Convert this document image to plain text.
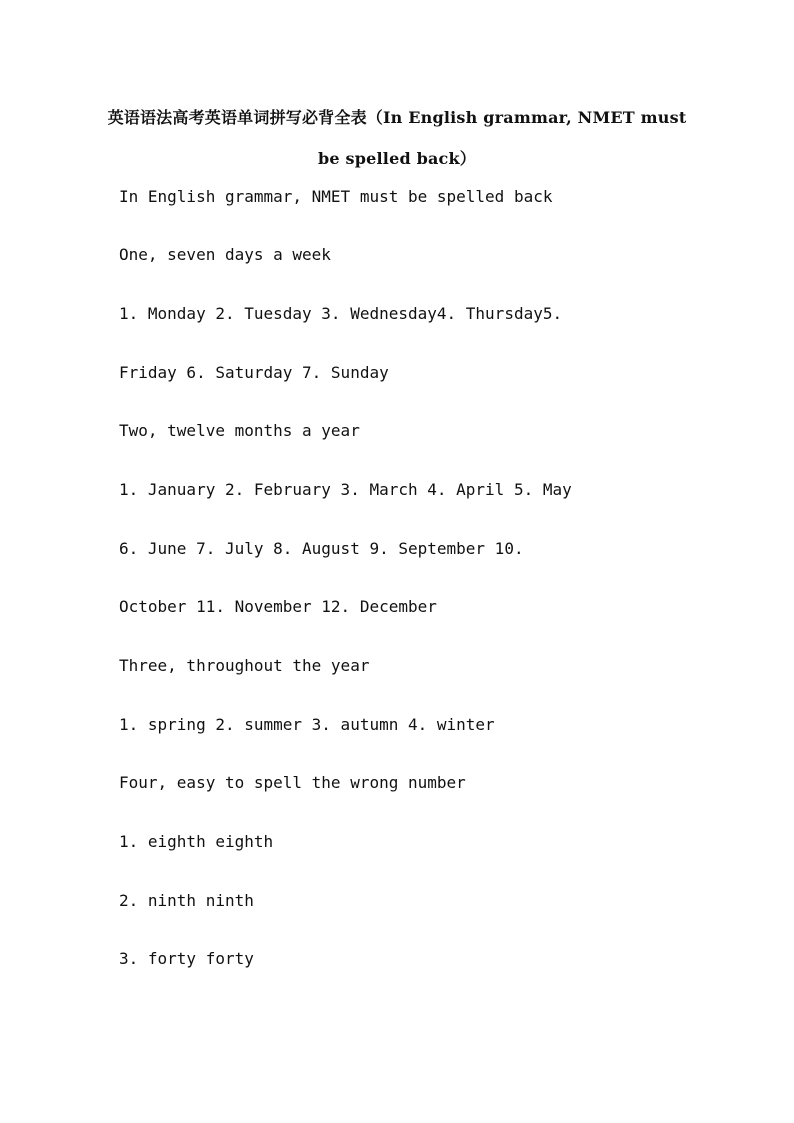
英语语法高考英语单词拼写必背全表（In English grammar, NMET must be spelled back）
In English grammar, NMET must be spelled back
One, seven days a week
1. Monday 2. Tuesday 3. Wednesday4. Thursday5.
Friday 6. Saturday 7. Sunday
Two, twelve months a year
1. January 2. February 3. March 4. April 5. May
6. June 7. July 8. August 9. September 10.
October 11. November 12. December
Three, throughout the year
1. spring 2. summer 3. autumn 4. winter
Four, easy to spell the wrong number
1. eighth eighth
2. ninth ninth
3. forty forty
